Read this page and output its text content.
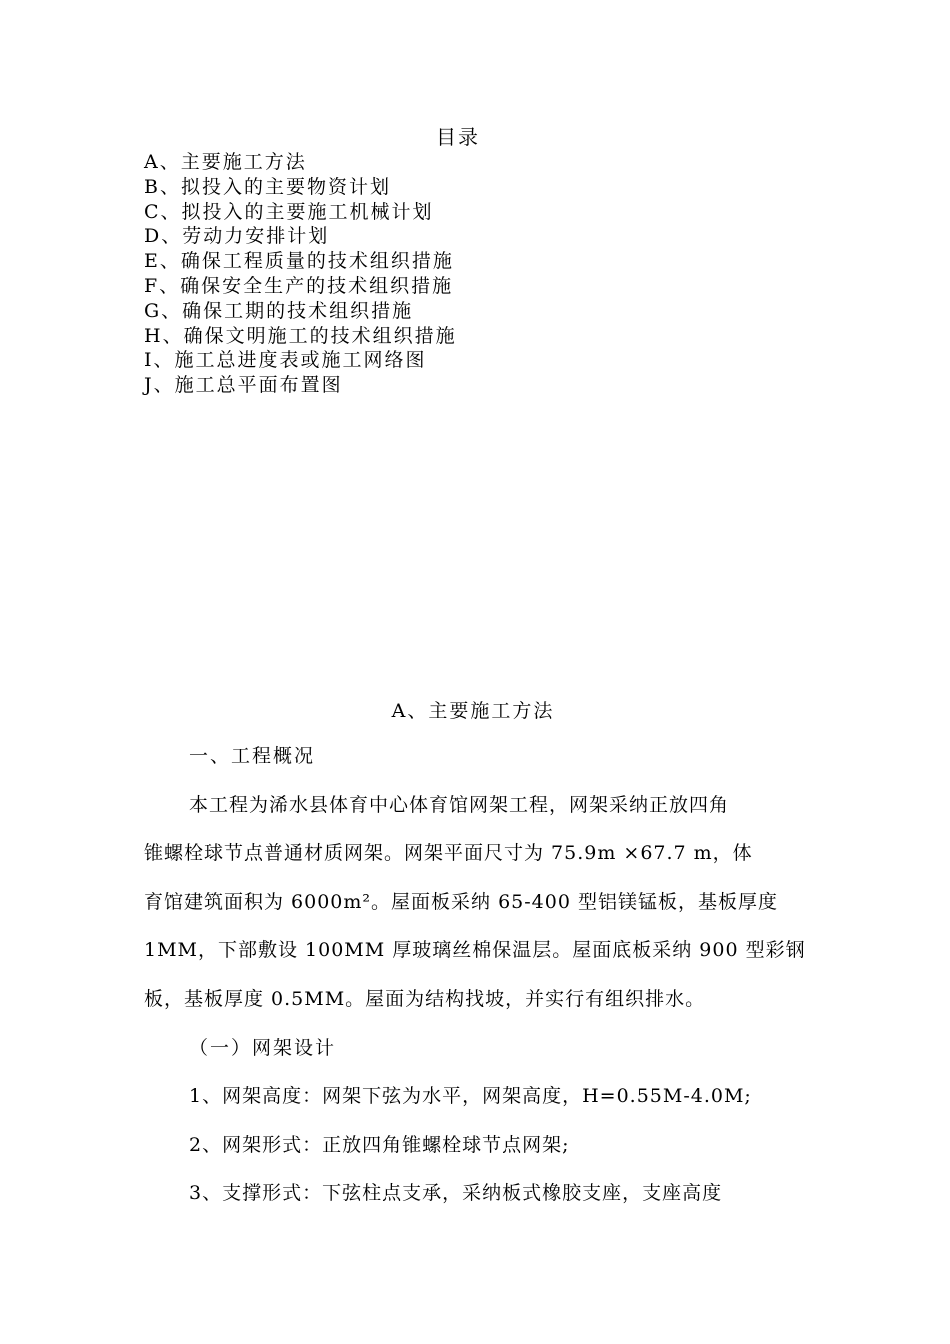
目录
A、主要施工方法
B、拟投入的主要物资计划
C、拟投入的主要施工机械计划
D、劳动力安排计划
E、确保工程质量的技术组织措施
F、确保安全生产的技术组织措施
G、确保工期的技术组织措施
H、确保文明施工的技术组织措施
I、施工总进度表或施工网络图
J、施工总平面布置图
A、主要施工方法
一、工程概况
本工程为浠水县体育中心体育馆网架工程，网架采纳正放四角
锥螺栓球节点普通材质网架。网架平面尺寸为 75.9m ×67.7 m，体
育馆建筑面积为 6000m²。屋面板采纳 65-400 型铝镁锰板，基板厚度
1MM，下部敷设 100MM 厚玻璃丝棉保温层。屋面底板采纳 900 型彩钢
板，基板厚度 0.5MM。屋面为结构找坡，并实行有组织排水。
（一）网架设计
1、网架高度：网架下弦为水平，网架高度，H=0.55M-4.0M;
2、网架形式：正放四角锥螺栓球节点网架;
3、支撑形式：下弦柱点支承，采纳板式橡胶支座，支座高度
